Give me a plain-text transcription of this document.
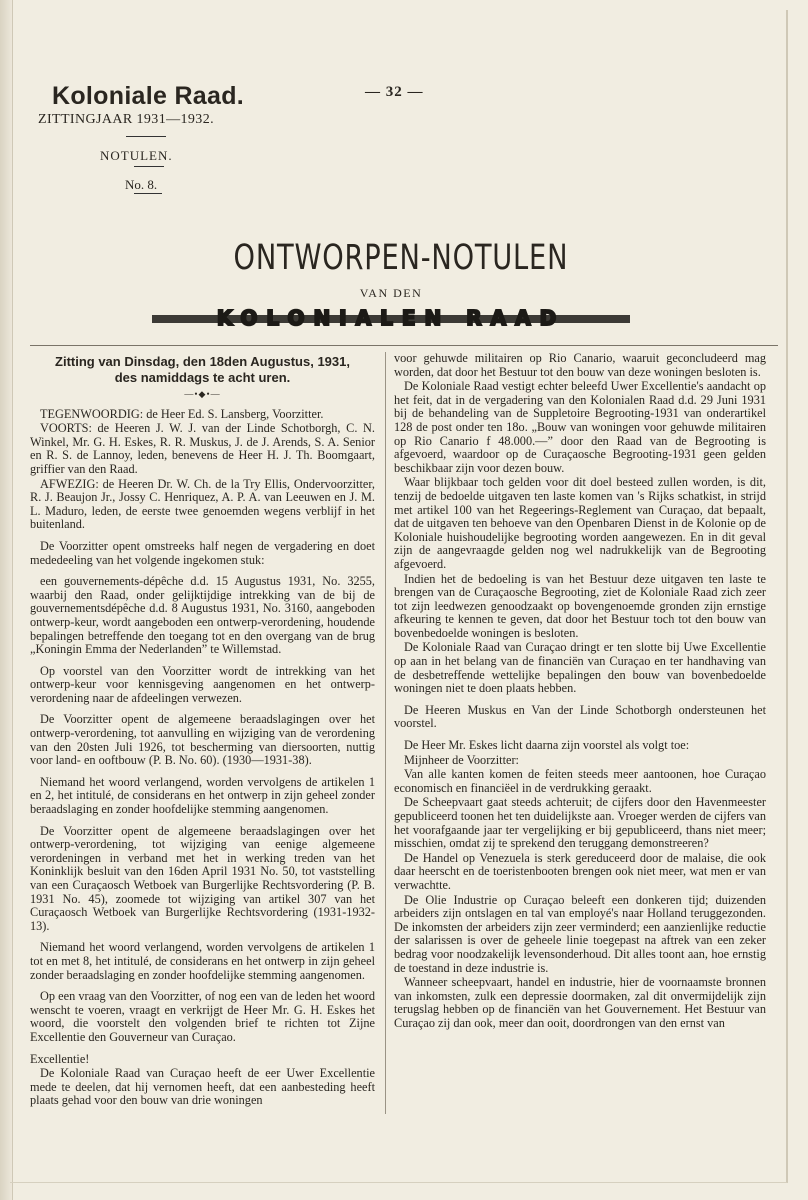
Koloniale Raad.
ZITTINGJAAR 1931—1932.
NOTULEN.
No. 8.
— 32 —
ONTWORPEN-NOTULEN
VAN DEN
KOLONIALEN RAAD
Zitting van Dinsdag, den 18den Augustus, 1931,
des namiddags te acht uren.
—•◆•—

TEGENWOORDIG: de Heer Ed. S. Lansberg, Voorzitter.

VOORTS: de Heeren J. W. J. van der Linde Schotborgh, C. N. Winkel, Mr. G. H. Eskes, R. R. Muskus, J. de J. Arends, S. A. Senior en R. S. de Lannoy, leden, benevens de Heer H. J. Th. Boomgaart, griffier van den Raad.

AFWEZIG: de Heeren Dr. W. Ch. de la Try Ellis, Ondervoorzitter, R. J. Beaujon Jr., Jossy C. Henriquez, A. P. A. van Leeuwen en J. M. L. Maduro, leden, de eerste twee genoemden wegens verblijf in het buitenland.

De Voorzitter opent omstreeks half negen de vergadering en doet mededeeling van het volgende ingekomen stuk:

een gouvernements-dépêche d.d. 15 Augustus 1931, No. 3255, waarbij den Raad, onder gelijktijdige intrekking van de bij de gouvernementsdépêche d.d. 8 Augustus 1931, No. 3160, aangeboden ontwerp-keur, wordt aangeboden een ontwerp-verordening, houdende bepalingen betreffende den toegang tot en den overgang van de brug „Koningin Emma der Nederlanden” te Willemstad.

Op voorstel van den Voorzitter wordt de intrekking van het ontwerp-keur voor kennisgeving aangenomen en het ontwerp-verordening naar de afdeelingen verwezen.

De Voorzitter opent de algemeene beraadslagingen over het ontwerp-verordening, tot aanvulling en wijziging van de verordening van den 20sten Juli 1926, tot bescherming van diersoorten, nuttig voor land- en ooftbouw (P. B. No. 60). (1930—1931-38).

Niemand het woord verlangend, worden vervolgens de artikelen 1 en 2, het intitulé, de considerans en het ontwerp in zijn geheel zonder beraadslaging en zonder hoofdelijke stemming aangenomen.

De Voorzitter opent de algemeene beraadslagingen over het ontwerp-verordening, tot wijziging van eenige algemeene verordeningen in verband met het in werking treden van het Koninklijk besluit van den 16den April 1931 No. 50, tot vaststelling van een Curaçaosch Wetboek van Burgerlijke Rechtsvordering (P. B. 1931 No. 45), zoomede tot wijziging van artikel 307 van het Curaçaosch Wetboek van Burgerlijke Rechtsvordering (1931-1932-13).

Niemand het woord verlangend, worden vervolgens de artikelen 1 tot en met 8, het intitulé, de considerans en het ontwerp in zijn geheel zonder beraadslaging en zonder hoofdelijke stemming aangenomen.

Op een vraag van den Voorzitter, of nog een van de leden het woord wenscht te voeren, vraagt en verkrijgt de Heer Mr. G. H. Eskes het woord, die voorstelt den volgenden brief te richten tot Zijne Excellentie den Gouverneur van Curaçao.

Excellentie!

De Koloniale Raad van Curaçao heeft de eer Uwer Excellentie mede te deelen, dat hij vernomen heeft, dat een aanbesteding heeft plaats gehad voor den bouw van drie woningen

voor gehuwde militairen op Rio Canario, waaruit geconcludeerd mag worden, dat door het Bestuur tot den bouw van deze woningen besloten is.

De Koloniale Raad vestigt echter beleefd Uwer Excellentie's aandacht op het feit, dat in de vergadering van den Kolonialen Raad d.d. 29 Juni 1931 bij de behandeling van de Suppletoire Begrooting-1931 van onderartikel 128 de post onder ten 18o. „Bouw van woningen voor gehuwde militairen op Rio Canario f 48.000.—” door den Raad van de Begrooting is afgevoerd, waardoor op de Curaçaosche Begrooting-1931 geen gelden beschikbaar zijn voor dezen bouw.

Waar blijkbaar toch gelden voor dit doel besteed zullen worden, is dit, tenzij de bedoelde uitgaven ten laste komen van 's Rijks schatkist, in strijd met artikel 100 van het Regeerings-Reglement van Curaçao, dat bepaalt, dat de uitgaven ten behoeve van den Openbaren Dienst in de Kolonie op de Koloniale huishoudelijke begrooting worden aangewezen. En in dit geval zijn de aangevraagde gelden nog wel nadrukkelijk van de Begrooting afgevoerd.

Indien het de bedoeling is van het Bestuur deze uitgaven ten laste te brengen van de Curaçaosche Begrooting, ziet de Koloniale Raad zich zeer tot zijn leedwezen genoodzaakt op bovengenoemde gronden zijn ernstige afkeuring te kennen te geven, dat door het Bestuur toch tot den bouw van bovenbedoelde woningen is besloten.

De Koloniale Raad van Curaçao dringt er ten slotte bij Uwe Excellentie op aan in het belang van de financiën van Curaçao en ter handhaving van de desbetreffende wettelijke bepalingen den bouw van bovenbedoelde woningen niet te doen plaats hebben.

De Heeren Muskus en Van der Linde Schotborgh ondersteunen het voorstel.

De Heer Mr. Eskes licht daarna zijn voorstel als volgt toe:

Mijnheer de Voorzitter:

Van alle kanten komen de feiten steeds meer aantoonen, hoe Curaçao economisch en financiëel in de verdrukking geraakt.

De Scheepvaart gaat steeds achteruit; de cijfers door den Havenmeester gepubliceerd toonen het ten duidelijkste aan. Vroeger werden de cijfers van het voorafgaande jaar ter vergelijking er bij gepubliceerd, thans niet meer; misschien, omdat zij te sprekend den teruggang demonstreeren?

De Handel op Venezuela is sterk gereduceerd door de malaise, die ook daar heerscht en de toeristenbooten brengen ook niet meer, wat men er van verwachtte.

De Olie Industrie op Curaçao beleeft een donkeren tijd; duizenden arbeiders zijn ontslagen en tal van employé's naar Holland teruggezonden. De inkomsten der arbeiders zijn zeer verminderd; een aanzienlijke reductie der salarissen is over de geheele linie toegepast na aftrek van een zeker bedrag voor noodzakelijk levensonderhoud. Dit alles toont aan, hoe ernstig de toestand in deze industrie is.

Wanneer scheepvaart, handel en industrie, hier de voornaamste bronnen van inkomsten, zulk een depressie doormaken, zal dit onvermijdelijk zijn terugslag hebben op de financiën van het Gouvernement. Het Bestuur van Curaçao zij dan ook, meer dan ooit, doordrongen van den ernst van
